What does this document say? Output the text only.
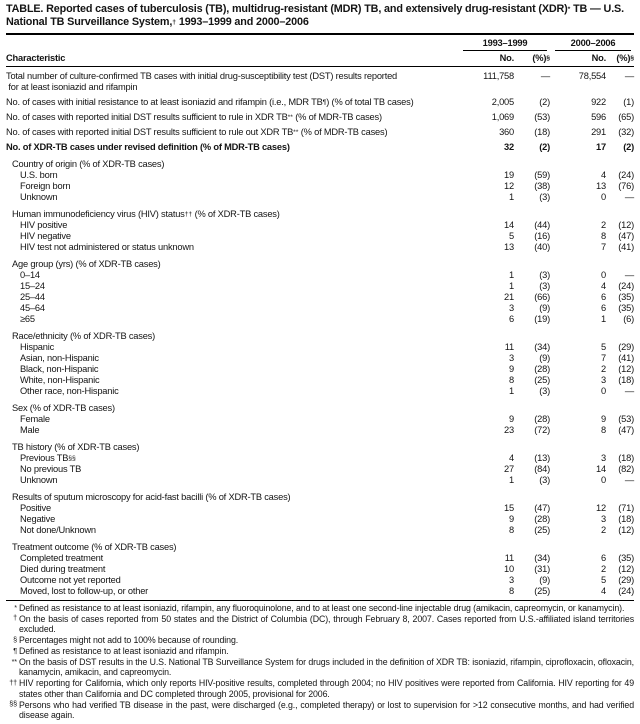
TABLE. Reported cases of tuberculosis (TB), multidrug-resistant (MDR) TB, and extensively drug-resistant (XDR)* TB — U.S. National TB Surveillance System,† 1993–1999 and 2000–2006
1993–1999	2000–2006
Characteristic	No.	(%)§	No.	(%)§
Total number of culture-confirmed TB cases with initial drug-susceptibility test (DST) results reported
for at least isoniazid and rifampin
111,758	—	78,554	—
No. of cases with initial resistance to at least isoniazid and rifampin (i.e., MDR TB¶) (% of total TB cases)	2,005	(2)	922	(1)
No. of cases with reported initial DST results sufficient to rule in XDR TB** (% of MDR-TB cases)	1,069	(53)	596	(65)
No. of cases with reported initial DST results sufficient to rule out XDR TB** (% of MDR-TB cases)	360	(18)	291	(32)
No. of XDR-TB cases under revised definition (% of MDR-TB cases)	32	(2)	17	(2)
Country of origin (% of XDR-TB cases)
U.S. born	19	(59)	4	(24)
Foreign born	12	(38)	13	(76)
Unknown	1	(3)	0	—
Human immunodeficiency virus (HIV) status†† (% of XDR-TB cases)
HIV positive	14	(44)	2	(12)
HIV negative	5	(16)	8	(47)
HIV test not administered or status unknown	13	(40)	7	(41)
Age group (yrs) (% of XDR-TB cases)
0–14	1	(3)	0	—
15–24	1	(3)	4	(24)
25–44	21	(66)	6	(35)
45–64	3	(9)	6	(35)
≥65	6	(19)	1	(6)
Race/ethnicity (% of XDR-TB cases)
Hispanic	11	(34)	5	(29)
Asian, non-Hispanic	3	(9)	7	(41)
Black, non-Hispanic	9	(28)	2	(12)
White, non-Hispanic	8	(25)	3	(18)
Other race, non-Hispanic	1	(3)	0	—
Sex (% of XDR-TB cases)
Female	9	(28)	9	(53)
Male	23	(72)	8	(47)
TB history (% of XDR-TB cases)
Previous TB§§	4	(13)	3	(18)
No previous TB	27	(84)	14	(82)
Unknown	1	(3)	0	—
Results of sputum microscopy for acid-fast bacilli (% of XDR-TB cases)
Positive	15	(47)	12	(71)
Negative	9	(28)	3	(18)
Not done/Unknown	8	(25)	2	(12)
Treatment outcome (% of XDR-TB cases)
Completed treatment	11	(34)	6	(35)
Died during treatment	10	(31)	2	(12)
Outcome not yet reported	3	(9)	5	(29)
Moved, lost to follow-up, or other	8	(25)	4	(24)
* Defined as resistance to at least isoniazid, rifampin, any fluoroquinolone, and to at least one second-line injectable drug (amikacin, capreomycin, or kanamycin).
† On the basis of cases reported from 50 states and the District of Columbia (DC), through February 8, 2007. Cases reported from U.S.-affiliated island territories excluded.
§ Percentages might not add to 100% because of rounding.
¶ Defined as resistance to at least isoniazid and rifampin.
** On the basis of DST results in the U.S. National TB Surveillance System for drugs included in the definition of XDR TB: isoniazid, rifampin, ciprofloxacin, ofloxacin, kanamycin, amikacin, and capreomycin.
†† HIV reporting for California, which only reports HIV-positive results, completed through 2004; no HIV positives were reported from California. HIV reporting for 49 states other than California and DC completed through 2005, provisional for 2006.
§§ Persons who had verified TB disease in the past, were discharged (e.g., completed therapy) or lost to supervision for >12 consecutive months, and had verified disease again.
